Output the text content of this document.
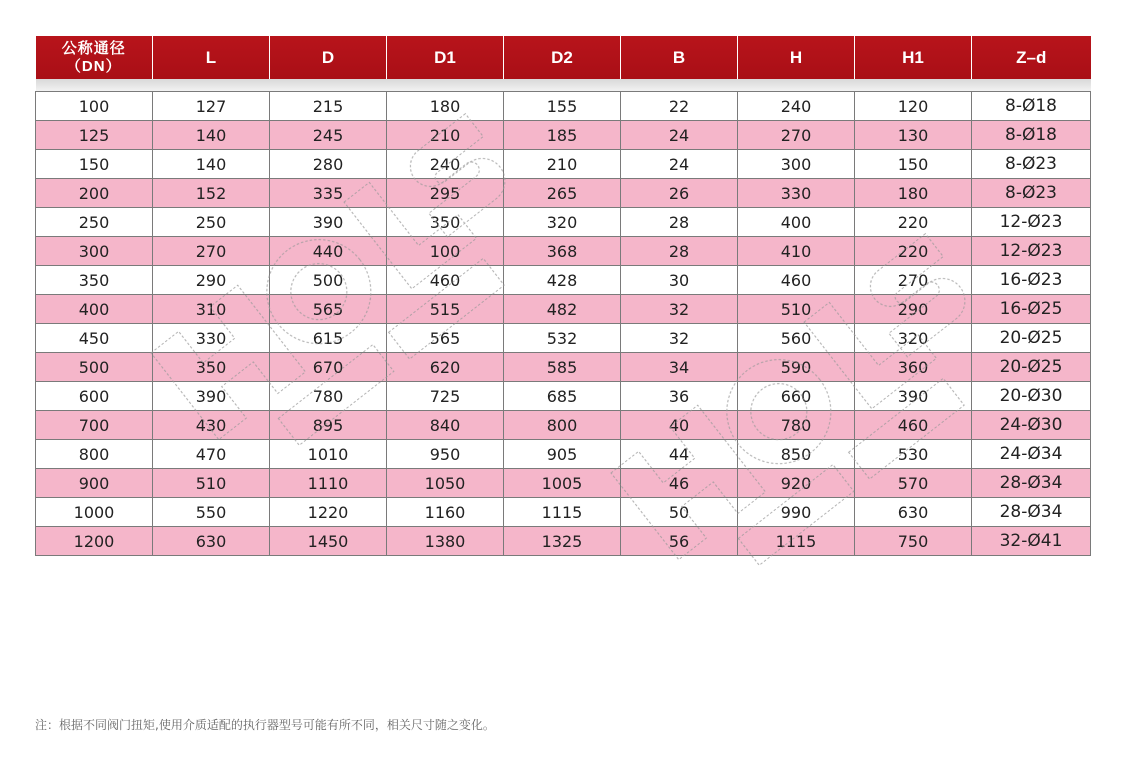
公称通径
（DN）	L	D	D1	D2	B	H	H1	Z–d

100	127	215	180	155	22	240	120	8-Ø18
125	140	245	210	185	24	270	130	8-Ø18
150	140	280	240	210	24	300	150	8-Ø23
200	152	335	295	265	26	330	180	8-Ø23
250	250	390	350	320	28	400	220	12-Ø23
300	270	440	100	368	28	410	220	12-Ø23
350	290	500	460	428	30	460	270	16-Ø23
400	310	565	515	482	32	510	290	16-Ø25
450	330	615	565	532	32	560	320	20-Ø25
500	350	670	620	585	34	590	360	20-Ø25
600	390	780	725	685	36	660	390	20-Ø30
700	430	895	840	800	40	780	460	24-Ø30
800	470	1010	950	905	44	850	530	24-Ø34
900	510	1110	1050	1005	46	920	570	28-Ø34
1000	550	1220	1160	1115	50	990	630	28-Ø34
1200	630	1450	1380	1325	56	1115	750	32-Ø41

注：根据不同阀门扭矩,使用介质适配的执行器型号可能有所不同，相关尺寸随之变化。
